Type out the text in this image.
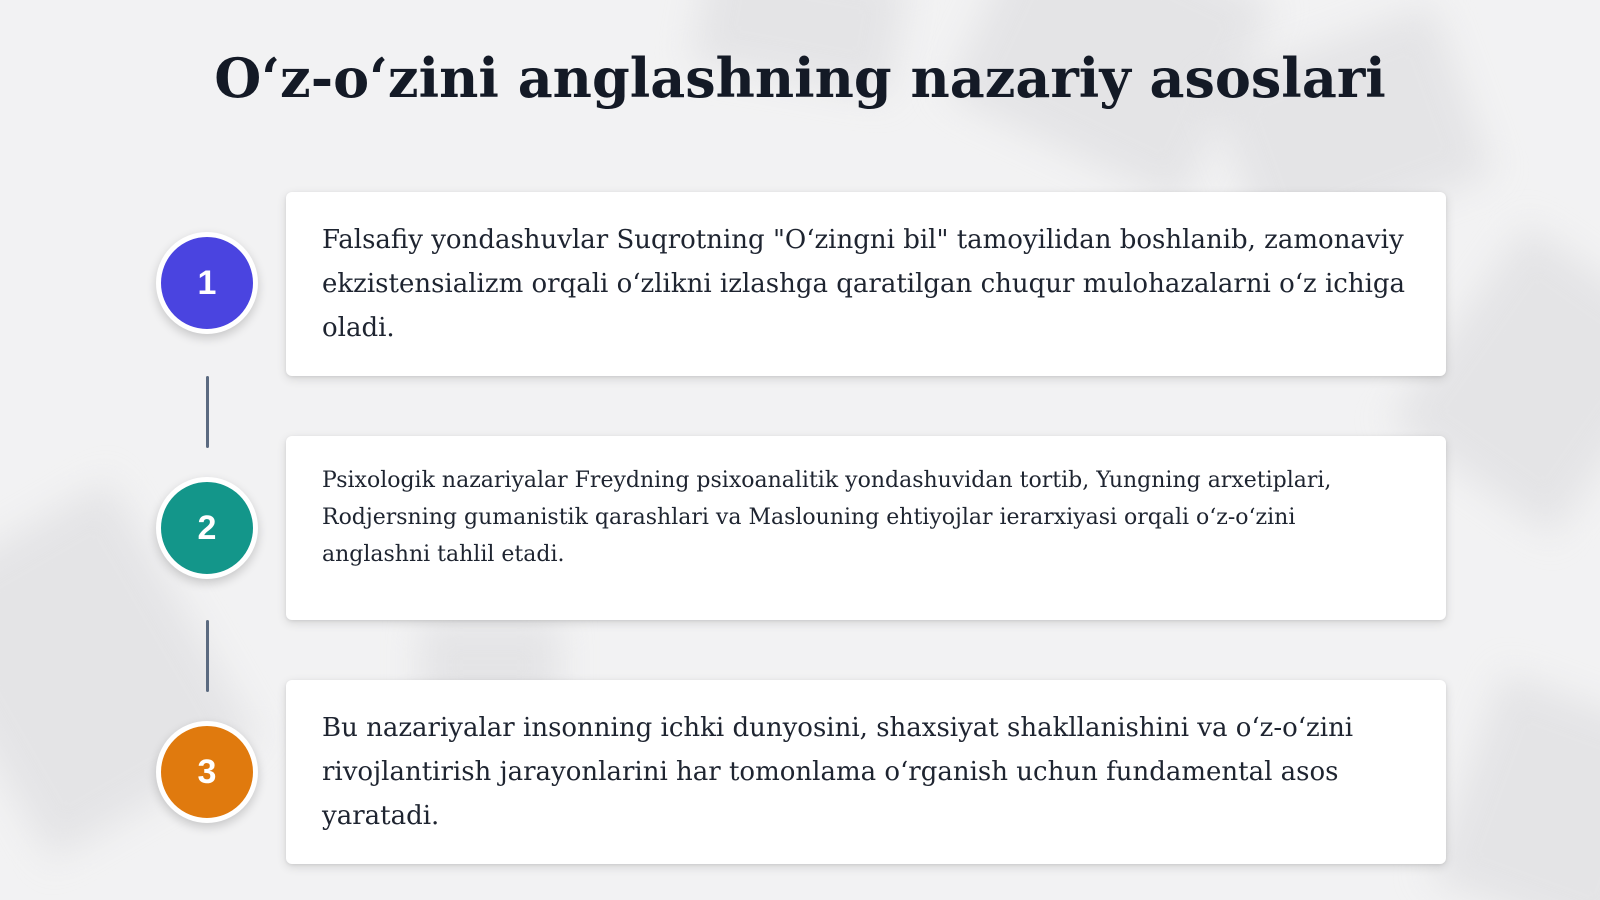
O‘z-o‘zini anglashning nazariy asoslari
1

Falsafiy yondashuvlar Suqrotning "O‘zingni bil" tamoyilidan boshlanib, zamonaviy ekzistensializm orqali o‘zlikni izlashga qaratilgan chuqur mulohazalarni o‘z ichiga oladi.

2

Psixologik nazariyalar Freydning psixoanalitik yondashuvidan tortib, Yungning arxetiplari, Rodjersning gumanistik qarashlari va Maslouning ehtiyojlar ierarxiyasi orqali o‘z-o‘zini anglashni tahlil etadi.

3

Bu nazariyalar insonning ichki dunyosini, shaxsiyat shakllanishini va o‘z-o‘zini rivojlantirish jarayonlarini har tomonlama o‘rganish uchun fundamental asos yaratadi.
